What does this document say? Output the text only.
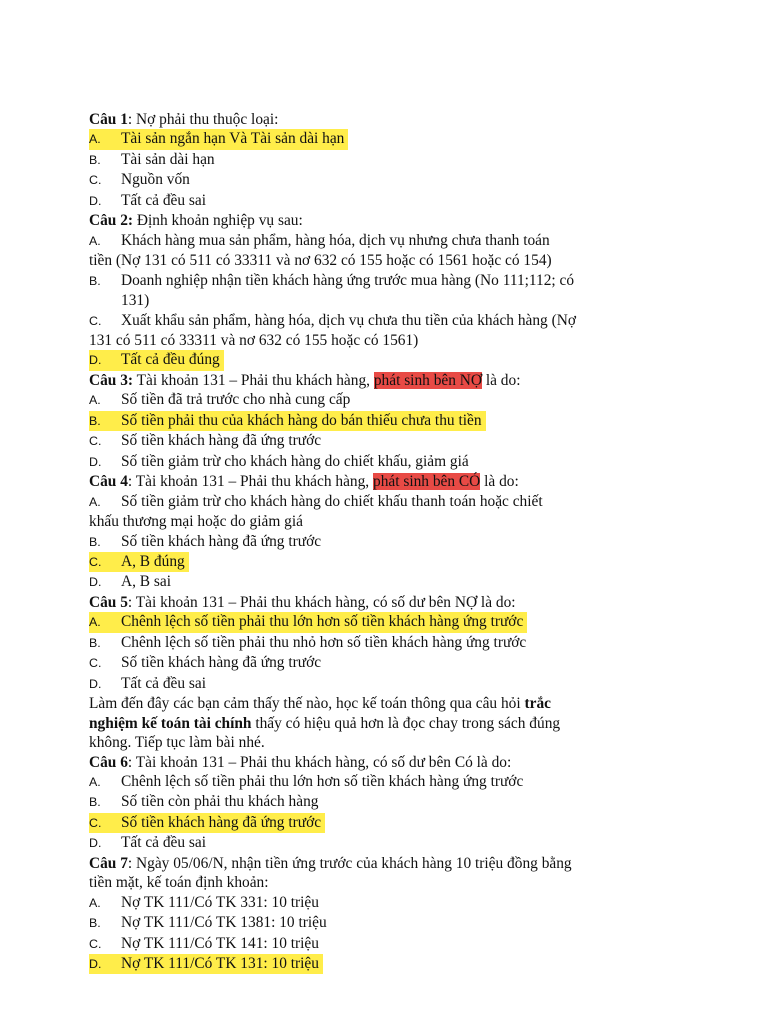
Câu 1: Nợ phải thu thuộc loại:
A.	Tài sản ngắn hạn Và Tài sản dài hạn
B.	Tài sản dài hạn
C.	Nguồn vốn
D.	Tất cả đều sai
Câu 2: Định khoản nghiệp vụ sau:
A.	Khách hàng mua sản phẩm, hàng hóa, dịch vụ nhưng chưa thanh toán
tiền (Nợ 131 có 511 có 33311 và nơ 632 có 155 hoặc có 1561 hoặc có 154)
B.	Doanh nghiệp nhận tiền khách hàng ứng trước mua hàng (No 111;112; có
131)
C.	Xuất khẩu sản phẩm, hàng hóa, dịch vụ chưa thu tiền của khách hàng (Nợ
131 có 511 có 33311 và nơ 632 có 155 hoặc có 1561)
D.	Tất cả đều đúng
Câu 3: Tài khoản 131 – Phải thu khách hàng, phát sinh bên NỢ là do:
A.	Số tiền đã trả trước cho nhà cung cấp
B.	Số tiền phải thu của khách hàng do bán thiếu chưa thu tiền
C.	Số tiền khách hàng đã ứng trước
D.	Số tiền giảm trừ cho khách hàng do chiết khấu, giảm giá
Câu 4: Tài khoản 131 – Phải thu khách hàng, phát sinh bên CÓ là do:
A.	Số tiền giảm trừ cho khách hàng do chiết khấu thanh toán hoặc chiết
khấu thương mại hoặc do giảm giá
B.	Số tiền khách hàng đã ứng trước
C.	A, B đúng
D.	A, B sai
Câu 5: Tài khoản 131 – Phải thu khách hàng, có số dư bên NỢ là do:
A.	Chênh lệch số tiền phải thu lớn hơn số tiền khách hàng ứng trước
B.	Chênh lệch số tiền phải thu nhỏ hơn số tiền khách hàng ứng trước
C.	Số tiền khách hàng đã ứng trước
D.	Tất cả đều sai
Làm đến đây các bạn cảm thấy thế nào, học kế toán thông qua câu hỏi trắc
nghiệm kế toán tài chính thấy có hiệu quả hơn là đọc chay trong sách đúng
không. Tiếp tục làm bài nhé.
Câu 6: Tài khoản 131 – Phải thu khách hàng, có số dư bên Có là do:
A.	Chênh lệch số tiền phải thu lớn hơn số tiền khách hàng ứng trước
B.	Số tiền còn phải thu khách hàng
C.	Số tiền khách hàng đã ứng trước
D.	Tất cả đều sai
Câu 7: Ngày 05/06/N, nhận tiền ứng trước của khách hàng 10 triệu đồng bằng
tiền mặt, kế toán định khoản:
A.	Nợ TK 111/Có TK 331: 10 triệu
B.	Nợ TK 111/Có TK 1381: 10 triệu
C.	Nợ TK 111/Có TK 141: 10 triệu
D.	Nợ TK 111/Có TK 131: 10 triệu
